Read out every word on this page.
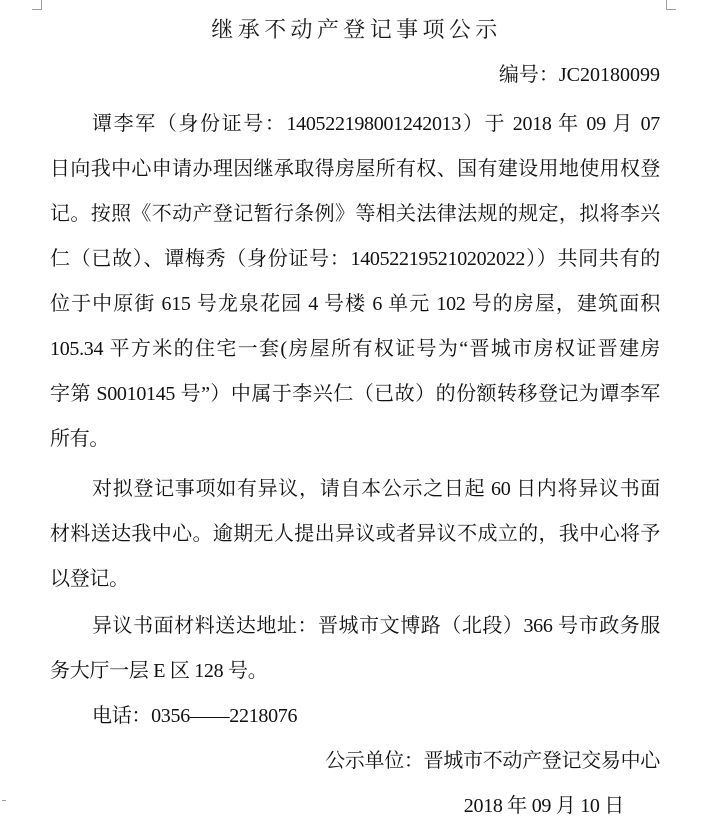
继承不动产登记事项公示
编号：JC20180099
谭李军（身份证号：140522198001242013）于 2018 年 09 月 07
日向我中心申请办理因继承取得房屋所有权、国有建设用地使用权登
记。按照《不动产登记暂行条例》等相关法律法规的规定，拟将李兴
仁（已故）、谭梅秀（身份证号：140522195210202022））共同共有的
位于中原街 615 号龙泉花园 4 号楼 6 单元 102 号的房屋，建筑面积
105.34 平方米的住宅一套(房屋所有权证号为“晋城市房权证晋建房
字第 S0010145 号”）中属于李兴仁（已故）的份额转移登记为谭李军
所有。
对拟登记事项如有异议，请自本公示之日起 60 日内将异议书面
材料送达我中心。逾期无人提出异议或者异议不成立的，我中心将予
以登记。
异议书面材料送达地址：晋城市文博路（北段）366 号市政务服
务大厅一层 E 区 128 号。
电话：0356——2218076
公示单位：晋城市不动产登记交易中心
2018 年 09 月 10 日
